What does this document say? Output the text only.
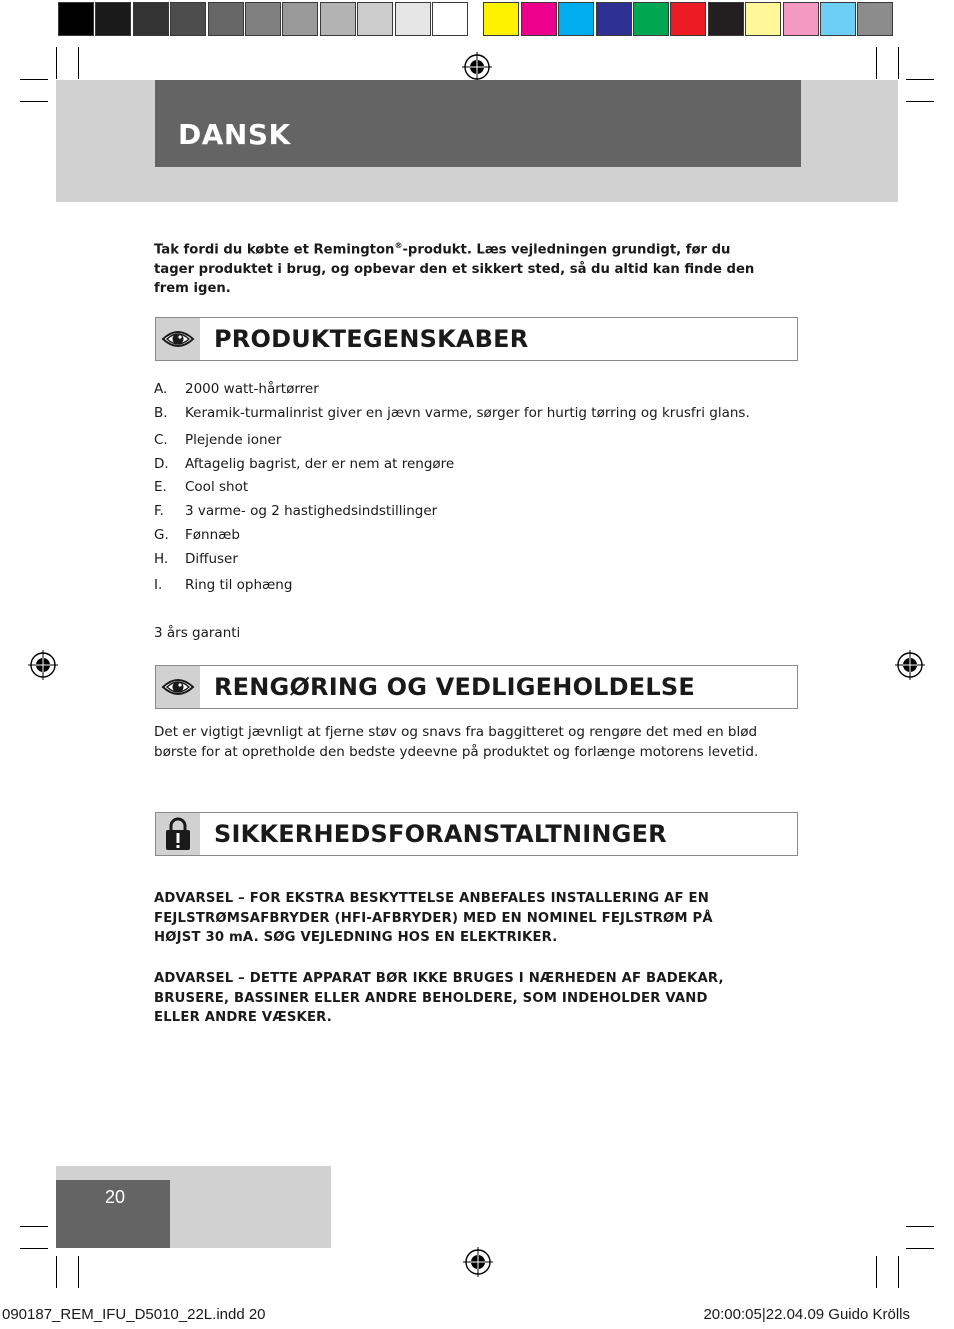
DANSK

Tak fordi du købte et Remington®-produkt. Læs vejledningen grundigt, før du tager produktet i brug, og opbevar den et sikkert sted, så du altid kan finde den frem igen.

PRODUKTEGENSKABER
A. 2000 watt-hårtørrer
B. Keramik-turmalinrist giver en jævn varme, sørger for hurtig tørring og krusfri glans.
C. Plejende ioner
D. Aftagelig bagrist, der er nem at rengøre
E. Cool shot
F. 3 varme- og 2 hastighedsindstillinger
G. Fønnæb
H. Diffuser
I. Ring til ophæng
3 års garanti
RENGØRING OG VEDLIGEHOLDELSE

Det er vigtigt jævnligt at fjerne støv og snavs fra baggitteret og rengøre det med en blød børste for at opretholde den bedste ydeevne på produktet og forlænge motorens levetid.

SIKKERHEDSFORANSTALTNINGER

ADVARSEL – FOR EKSTRA BESKYTTELSE ANBEFALES INSTALLERING AF EN FEJLSTRØMSAFBRYDER (HFI-AFBRYDER) MED EN NOMINEL FEJLSTRØM PÅ HØJST 30 mA. SØG VEJLEDNING HOS EN ELEKTRIKER.

ADVARSEL – DETTE APPARAT BØR IKKE BRUGES I NÆRHEDEN AF BADEKAR, BRUSERE, BASSINER ELLER ANDRE BEHOLDERE, SOM INDEHOLDER VAND ELLER ANDRE VÆSKER.

20
090187_REM_IFU_D5010_22L.indd 20	20:00:05|22.04.09 Guido Krölls
